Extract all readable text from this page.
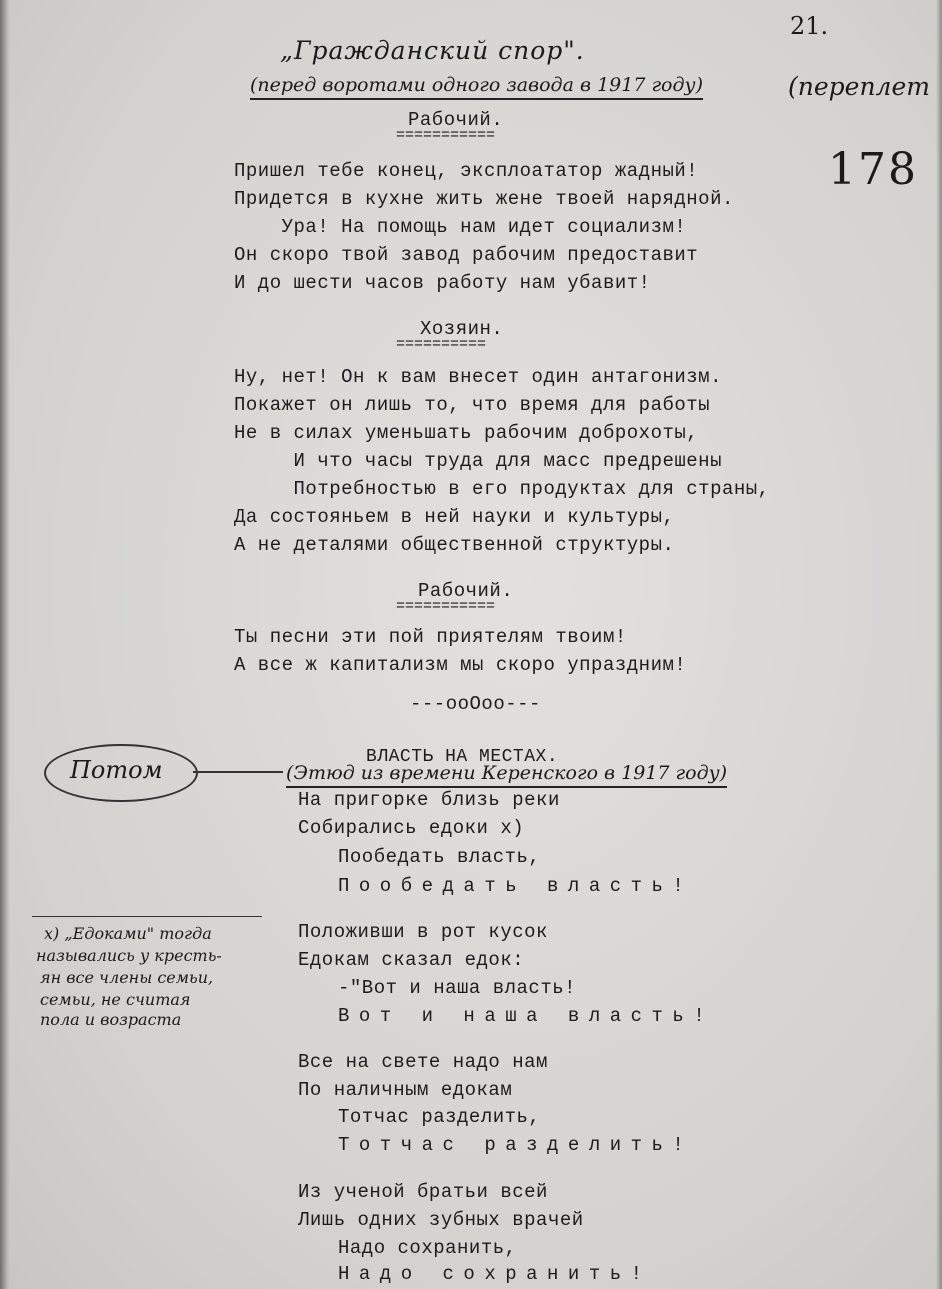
21.
„Гражданский спор".
(перед воротами одного завода в 1917 году)	(переплет
178
Рабочий.
===========
Пришел тебе конец, эксплоататор жадный!
Придется в кухне жить жене твоей нарядной.
Ура! На помощь нам идет социализм!
Он скоро твой завод рабочим предоставит
И до шести часов работу нам убавит!
Хозяин.
==========
Ну, нет! Он к вам внесет один антагонизм.
Покажет он лишь то, что время для работы
Не в силах уменьшать рабочим доброхоты,
И что часы труда для масс предрешены
Потребностью в его продуктах для страны,
Да состояньем в ней науки и культуры,
А не деталями общественной структуры.
Рабочий.
===========
Ты песни эти пой приятелям твоим!
А все ж капитализм мы скоро упраздним!
---ooOoo---
ВЛАСТЬ НА МЕСТАХ.
Потом	(Этюд из времени Керенского в 1917 году)
На пригорке близь реки
Собирались едоки x)
Пообедать власть,
Пообедать власть!
Положивши в рот кусок
Едокам сказал едок:
-"Вот и наша власть!
Вот и наша власть!
Все на свете надо нам
По наличным едокам
Тотчас разделить,
Тотчас разделить!
Из ученой братьи всей
Лишь одних зубных врачей
Надо сохранить,
Надо сохранить!
x) „Едоками" тогда
назывались у кресть-
ян все члены семьи,
семьи, не считая
пола и возраста
